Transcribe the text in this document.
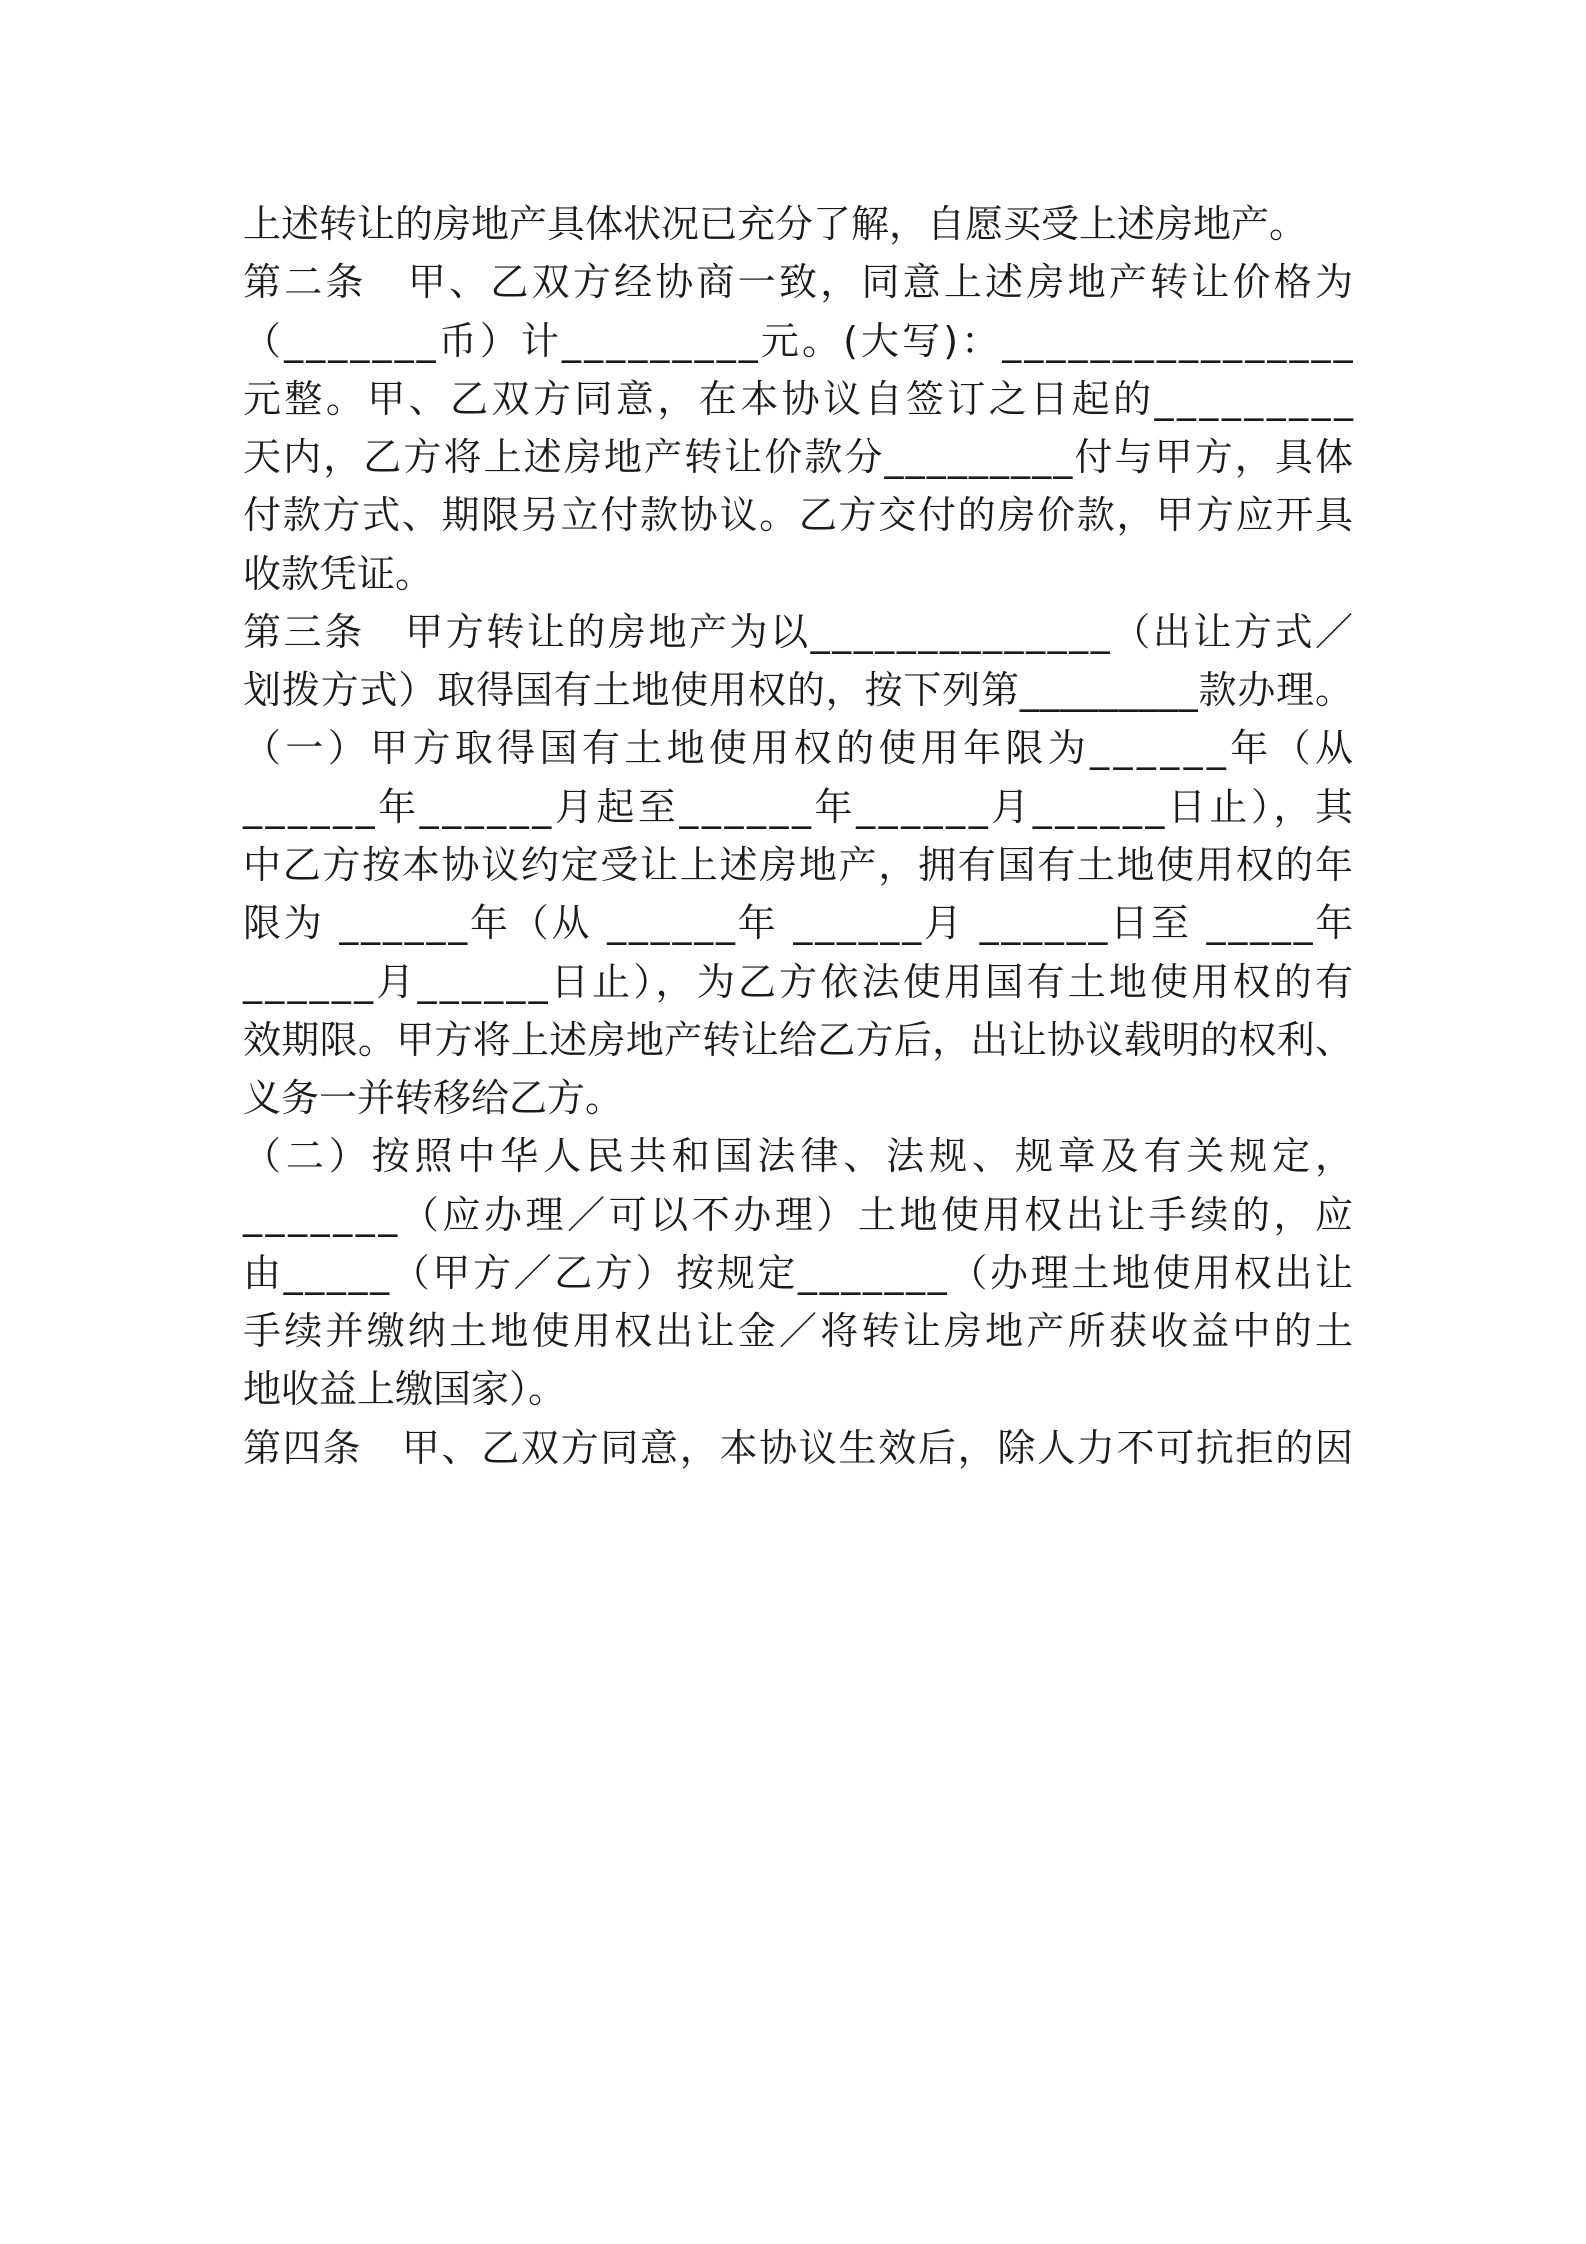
上述转让的房地产具体状况已充分了解，自愿买受上述房地产。
第二条　甲、乙双方经协商一致，同意上述房地产转让价格为
（_______币）计_________元。(大写)：________________
元整。甲、乙双方同意，在本协议自签订之日起的_________
天内，乙方将上述房地产转让价款分_________付与甲方，具体
付款方式、期限另立付款协议。乙方交付的房价款，甲方应开具
收款凭证。
第三条　甲方转让的房地产为以______________（出让方式／
划拨方式）取得国有土地使用权的，按下列第_________款办理。
（一）甲方取得国有土地使用权的使用年限为______年（从
______年______月起至______年______月______日止），其
中乙方按本协议约定受让上述房地产，拥有国有土地使用权的年
限为 ______年（从 ______年 ______月 ______日至 _____年
______月______日止），为乙方依法使用国有土地使用权的有
效期限。甲方将上述房地产转让给乙方后，出让协议载明的权利、
义务一并转移给乙方。
（二）按照中华人民共和国法律、法规、规章及有关规定，
_______（应办理／可以不办理）土地使用权出让手续的，应
由_____（甲方／乙方）按规定_______（办理土地使用权出让
手续并缴纳土地使用权出让金／将转让房地产所获收益中的土
地收益上缴国家）。
第四条　甲、乙双方同意，本协议生效后，除人力不可抗拒的因
